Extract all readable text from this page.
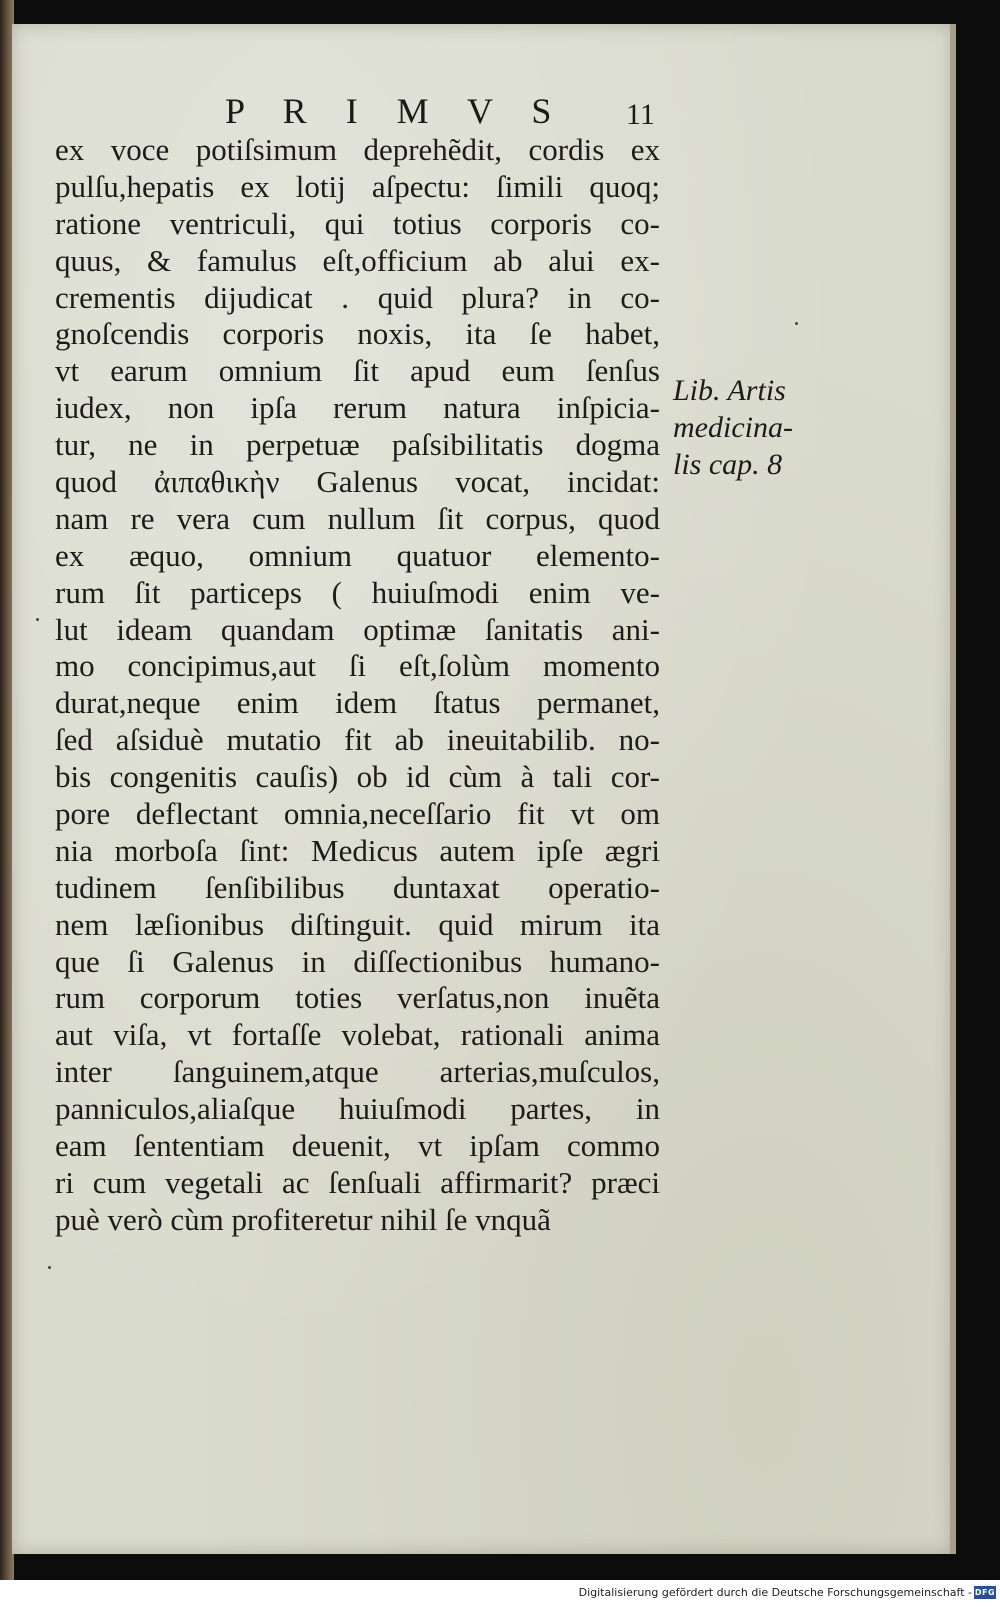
P R I M V S 11
ex voce potiſsimum deprehẽdit, cordis ex
pulſu,hepatis ex lotij aſpectu: ſimili quoq;
ratione ventriculi, qui totius corporis co-
quus, & famulus eſt,officium ab alui ex-
crementis dijudicat . quid plura? in co-
gnoſcendis corporis noxis, ita ſe habet,
vt earum omnium ſit apud eum ſenſus
iudex, non ipſa rerum natura inſpicia-
tur, ne in perpetuæ paſsibilitatis dogma
quod ἀιπαθικὴν Galenus vocat, incidat:
nam re vera cum nullum ſit corpus, quod
ex æquo, omnium quatuor elemento-
rum ſit particeps ( huiuſmodi enim ve-
lut ideam quandam optimæ ſanitatis ani-
mo concipimus,aut ſi eſt,ſolùm momento
durat,neque enim idem ſtatus permanet,
ſed aſsiduè mutatio fit ab ineuitabilib. no-
bis congenitis cauſis) ob id cùm à tali cor-
pore deflectant omnia,neceſſario fit vt om
nia morboſa ſint: Medicus autem ipſe ægri
tudinem ſenſibilibus duntaxat operatio-
nem læſionibus diſtinguit. quid mirum ita
que ſi Galenus in diſſectionibus humano-
rum corporum toties verſatus,non inuẽta
aut viſa, vt fortaſſe volebat, rationali anima
inter ſanguinem,atque arterias,muſculos,
panniculos,aliaſque huiuſmodi partes, in
eam ſententiam deuenit, vt ipſam commo
ri cum vegetali ac ſenſuali affirmarit? præci
puè verò cùm profiteretur nihil ſe vnquã
Lib. Artis
medicina-
lis cap. 8
Digitalisierung gefördert durch die Deutsche Forschungsgemeinschaft - DFG
